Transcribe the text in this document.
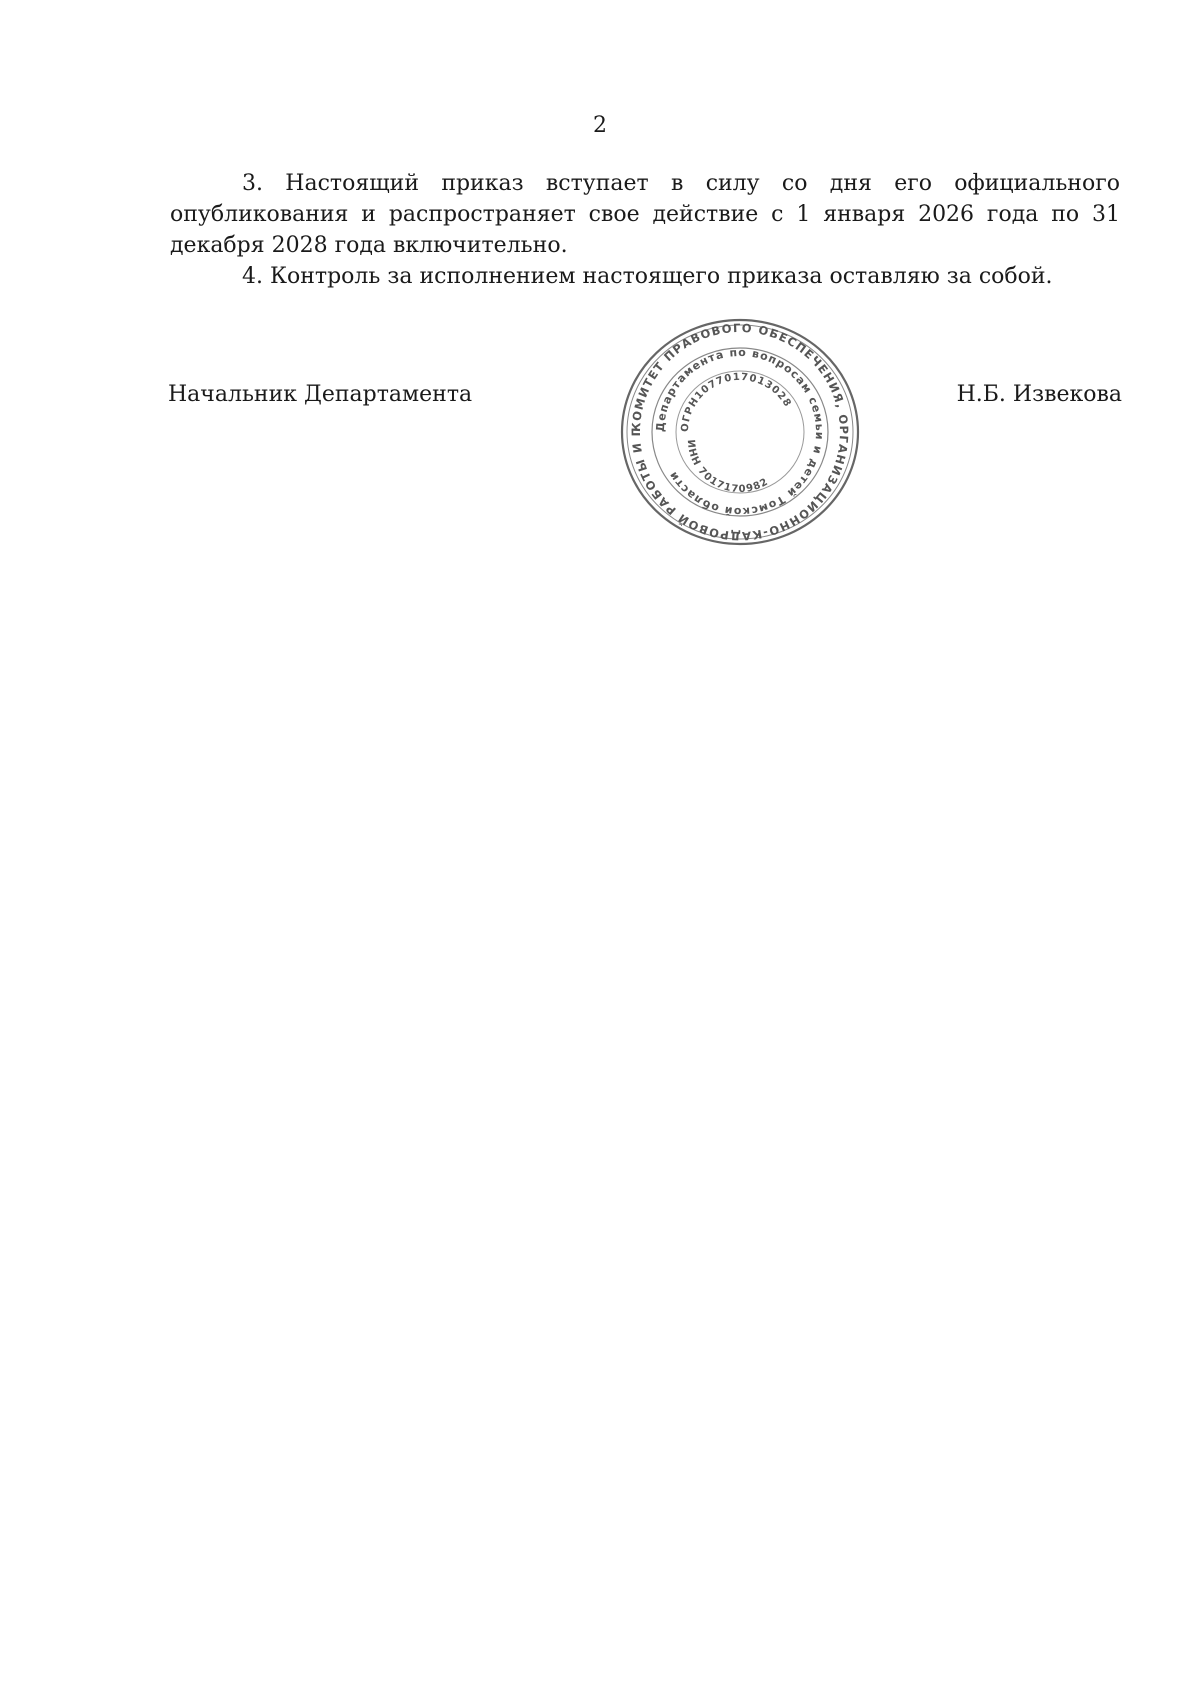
2

3. Настоящий приказ вступает в силу со дня его официального опубликования и распространяет свое действие с 1 января 2026 года по 31 декабря 2028 года включительно.

4. Контроль за исполнением настоящего приказа оставляю за собой.

Начальник Департамента
КОМИТЕТ ПРАВОВОГО ОБЕСПЕЧЕНИЯ, ОРГАНИЗАЦИОННО-КАДРОВОЙ РАБОТЫ И Г Департамента по вопросам семьи и детей Томской области
ОГРН1077017013028
ИНН 7017170982
Н.Б. Извекова
